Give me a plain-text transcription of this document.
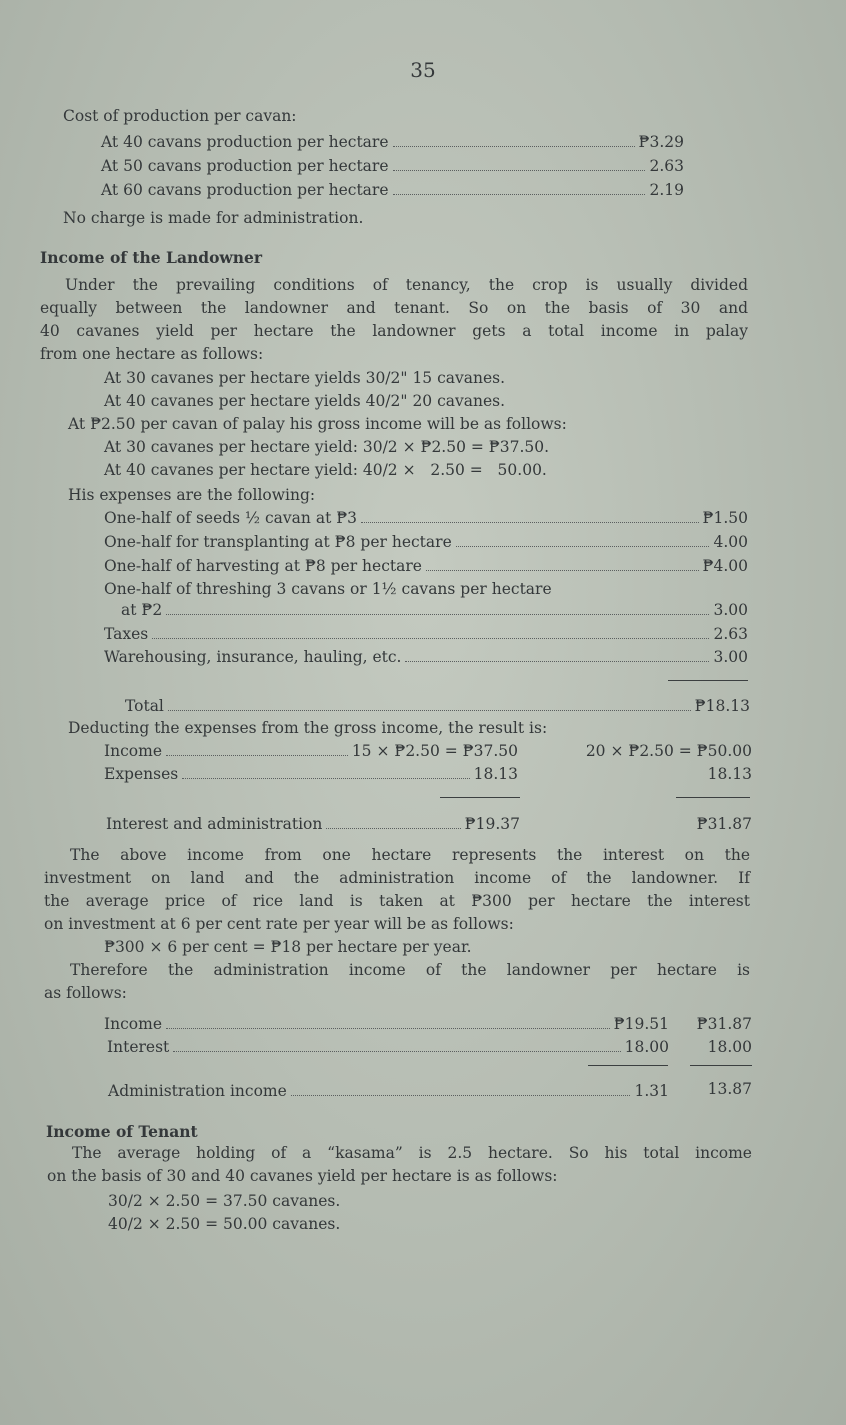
35
Cost of production per cavan:
At 40 cavans production per hectare	₱3.29
At 50 cavans production per hectare	2.63
At 60 cavans production per hectare	2.19
No charge is made for administration.
Income of the Landowner
Under the prevailing conditions of tenancy, the crop is usually divided
equally between the landowner and tenant. So on the basis of 30 and
40 cavanes yield per hectare the landowner gets a total income in palay
from one hectare as follows:
At 30 cavanes per hectare yields 30/2" 15 cavanes.
At 40 cavanes per hectare yields 40/2" 20 cavanes.
At ₱2.50 per cavan of palay his gross income will be as follows:
At 30 cavanes per hectare yield: 30/2 × ₱2.50 = ₱37.50.
At 40 cavanes per hectare yield: 40/2 ×   2.50 =   50.00.
His expenses are the following:
One-half of seeds ½ cavan at ₱3	₱1.50
One-half for transplanting at ₱8 per hectare	4.00
One-half of harvesting at ₱8 per hectare	₱4.00
One-half of threshing 3 cavans or 1½ cavans per hectare
at ₱2	3.00
Taxes	2.63
Warehousing, insurance, hauling, etc.	3.00
Total	₱18.13
Deducting the expenses from the gross income, the result is:
Income	15 × ₱2.50 = ₱37.50	20 × ₱2.50 = ₱50.00
Expenses	18.13	18.13
Interest and administration	₱19.37	₱31.87
The above income from one hectare represents the interest on the
investment on land and the administration income of the landowner. If
the average price of rice land is taken at ₱300 per hectare the interest
on investment at 6 per cent rate per year will be as follows:
₱300 × 6 per cent = ₱18 per hectare per year.
Therefore the administration income of the landowner per hectare is
as follows:
Income	₱19.51	₱31.87
Interest	18.00	18.00
Administration income	1.31	13.87
Income of Tenant
The average holding of a “kasama” is 2.5 hectare. So his total income
on the basis of 30 and 40 cavanes yield per hectare is as follows:
30/2 × 2.50 = 37.50 cavanes.
40/2 × 2.50 = 50.00 cavanes.
